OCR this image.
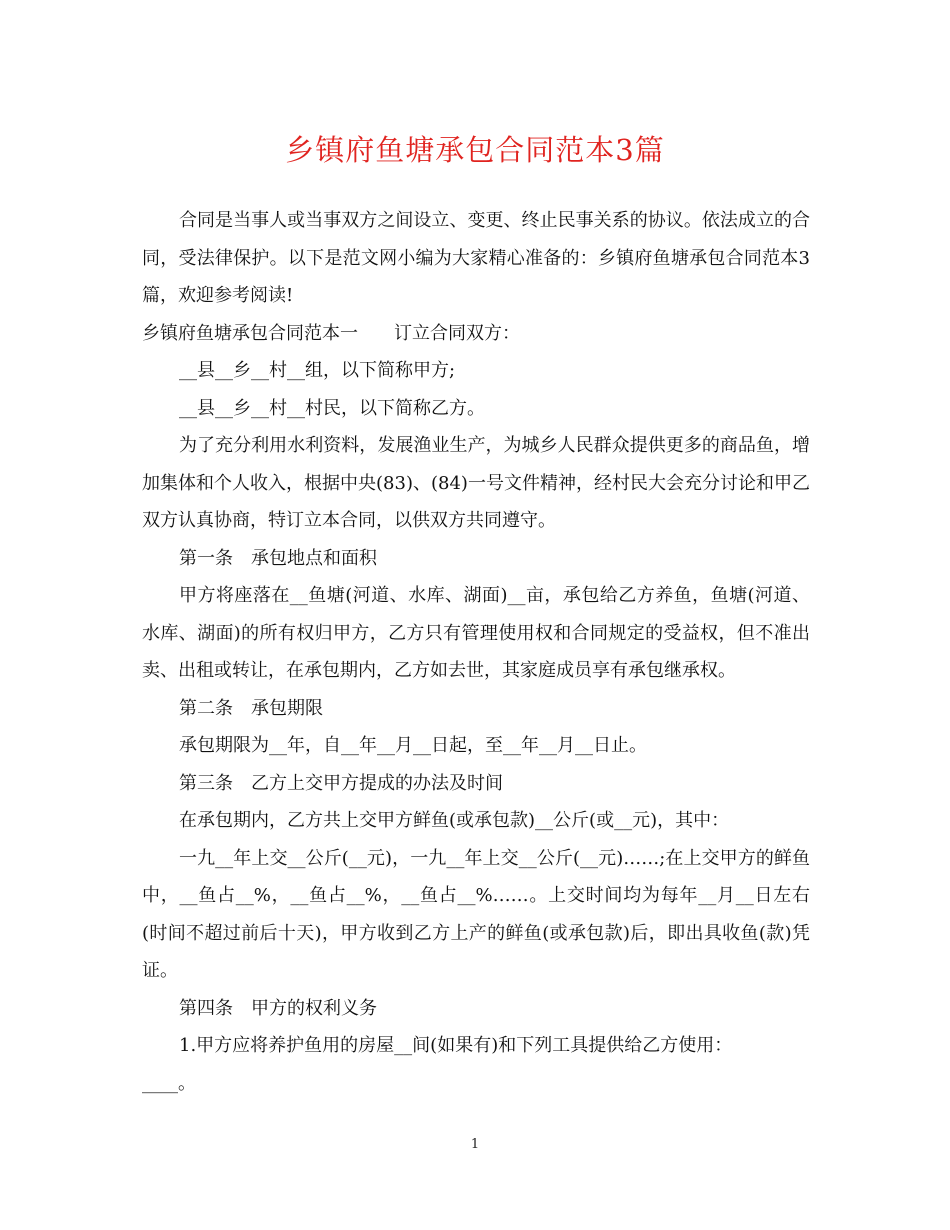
乡镇府鱼塘承包合同范本3篇

合同是当事人或当事双方之间设立、变更、终止民事关系的协议。依法成立的合同，受法律保护。以下是范文网小编为大家精心准备的：乡镇府鱼塘承包合同范本3篇，欢迎参考阅读!

乡镇府鱼塘承包合同范本一　　订立合同双方：

__县__乡__村__组，以下简称甲方;

__县__乡__村__村民，以下简称乙方。

为了充分利用水利资料，发展渔业生产，为城乡人民群众提供更多的商品鱼，增加集体和个人收入，根据中央(83)、(84)一号文件精神，经村民大会充分讨论和甲乙双方认真协商，特订立本合同，以供双方共同遵守。

第一条　承包地点和面积

甲方将座落在__鱼塘(河道、水库、湖面)__亩，承包给乙方养鱼，鱼塘(河道、水库、湖面)的所有权归甲方，乙方只有管理使用权和合同规定的受益权，但不准出卖、出租或转让，在承包期内，乙方如去世，其家庭成员享有承包继承权。

第二条　承包期限

承包期限为__年，自__年__月__日起，至__年__月__日止。

第三条　乙方上交甲方提成的办法及时间

在承包期内，乙方共上交甲方鲜鱼(或承包款)__公斤(或__元)，其中：

一九__年上交__公斤(__元)，一九__年上交__公斤(__元)……;在上交甲方的鲜鱼中，__鱼占__%，__鱼占__%，__鱼占__%……。上交时间均为每年__月__日左右(时间不超过前后十天)，甲方收到乙方上产的鲜鱼(或承包款)后，即出具收鱼(款)凭证。

第四条　甲方的权利义务

1.甲方应将养护鱼用的房屋__间(如果有)和下列工具提供给乙方使用：

____。

1
